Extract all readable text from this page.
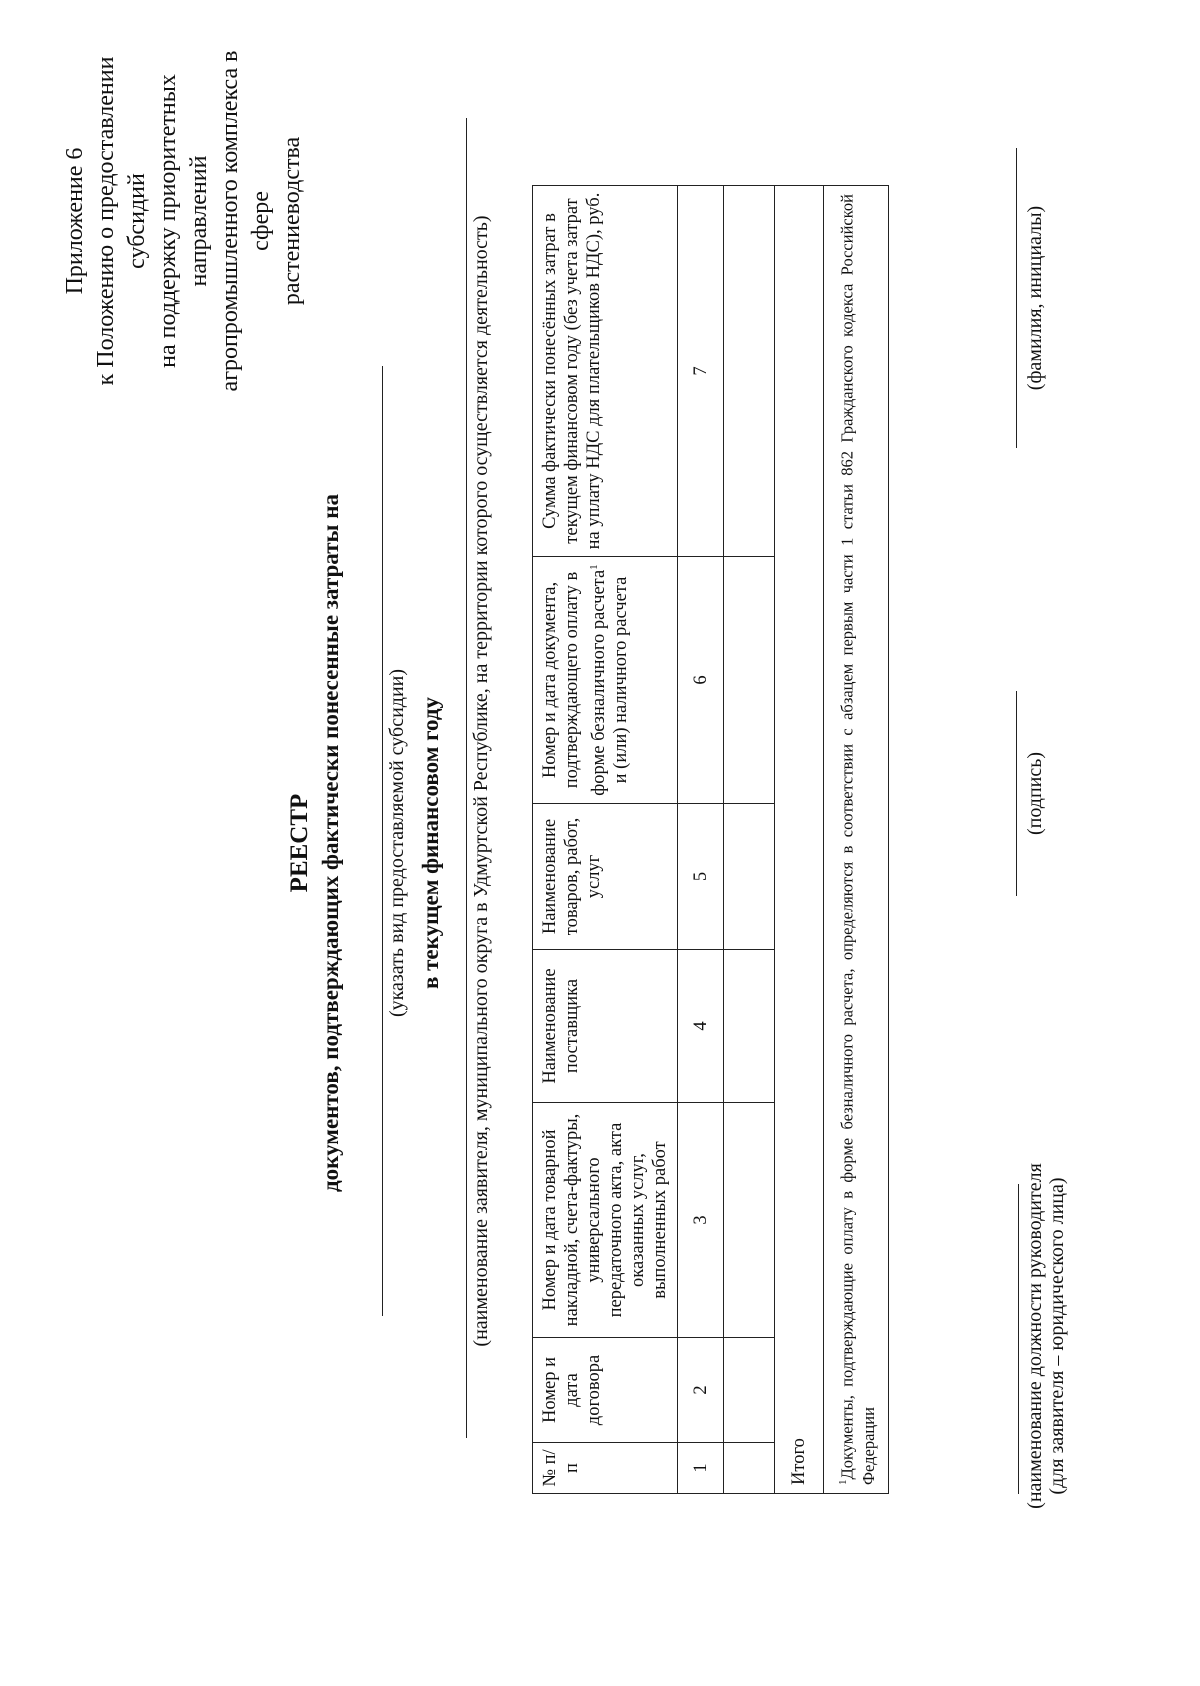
Приложение 6 к Положению о предоставлении субсидий на поддержку приоритетных направлений агропромышленного комплекса в сфере растениеводства
РЕЕСТР документов, подтверждающих фактически понесенные затраты на (указать вид предоставляемой субсидии) в текущем финансовом году (наименование заявителя, муниципального округа в Удмуртской Республике, на территории которого осуществляется деятельность)
№ п/п	Номер и дата договора	Номер и дата товарной накладной, счета-фактуры, универсального передаточного акта, акта оказанных услуг, выполненных работ	Наименование поставщика	Наименование товаров, работ, услуг	Номер и дата документа, подтверждающего оплату в форме безналичного расчета$^1$ и (или) наличного расчета	Сумма фактически понесённых затрат в текущем финансовом году (без учета затрат на уплату НДС для плательщиков НДС), руб.
1	2	3	4	5	6	7

Итого						
$^1$Документы, подтверждающие оплату в форме безналичного расчета, определяются в соответствии с абзацем первым части 1 статьи 862 Гражданского кодекса Российской Федерации							(наименование должности руководителя (для заявителя – юридического лица)
(подпись)
(фамилия, инициалы)
